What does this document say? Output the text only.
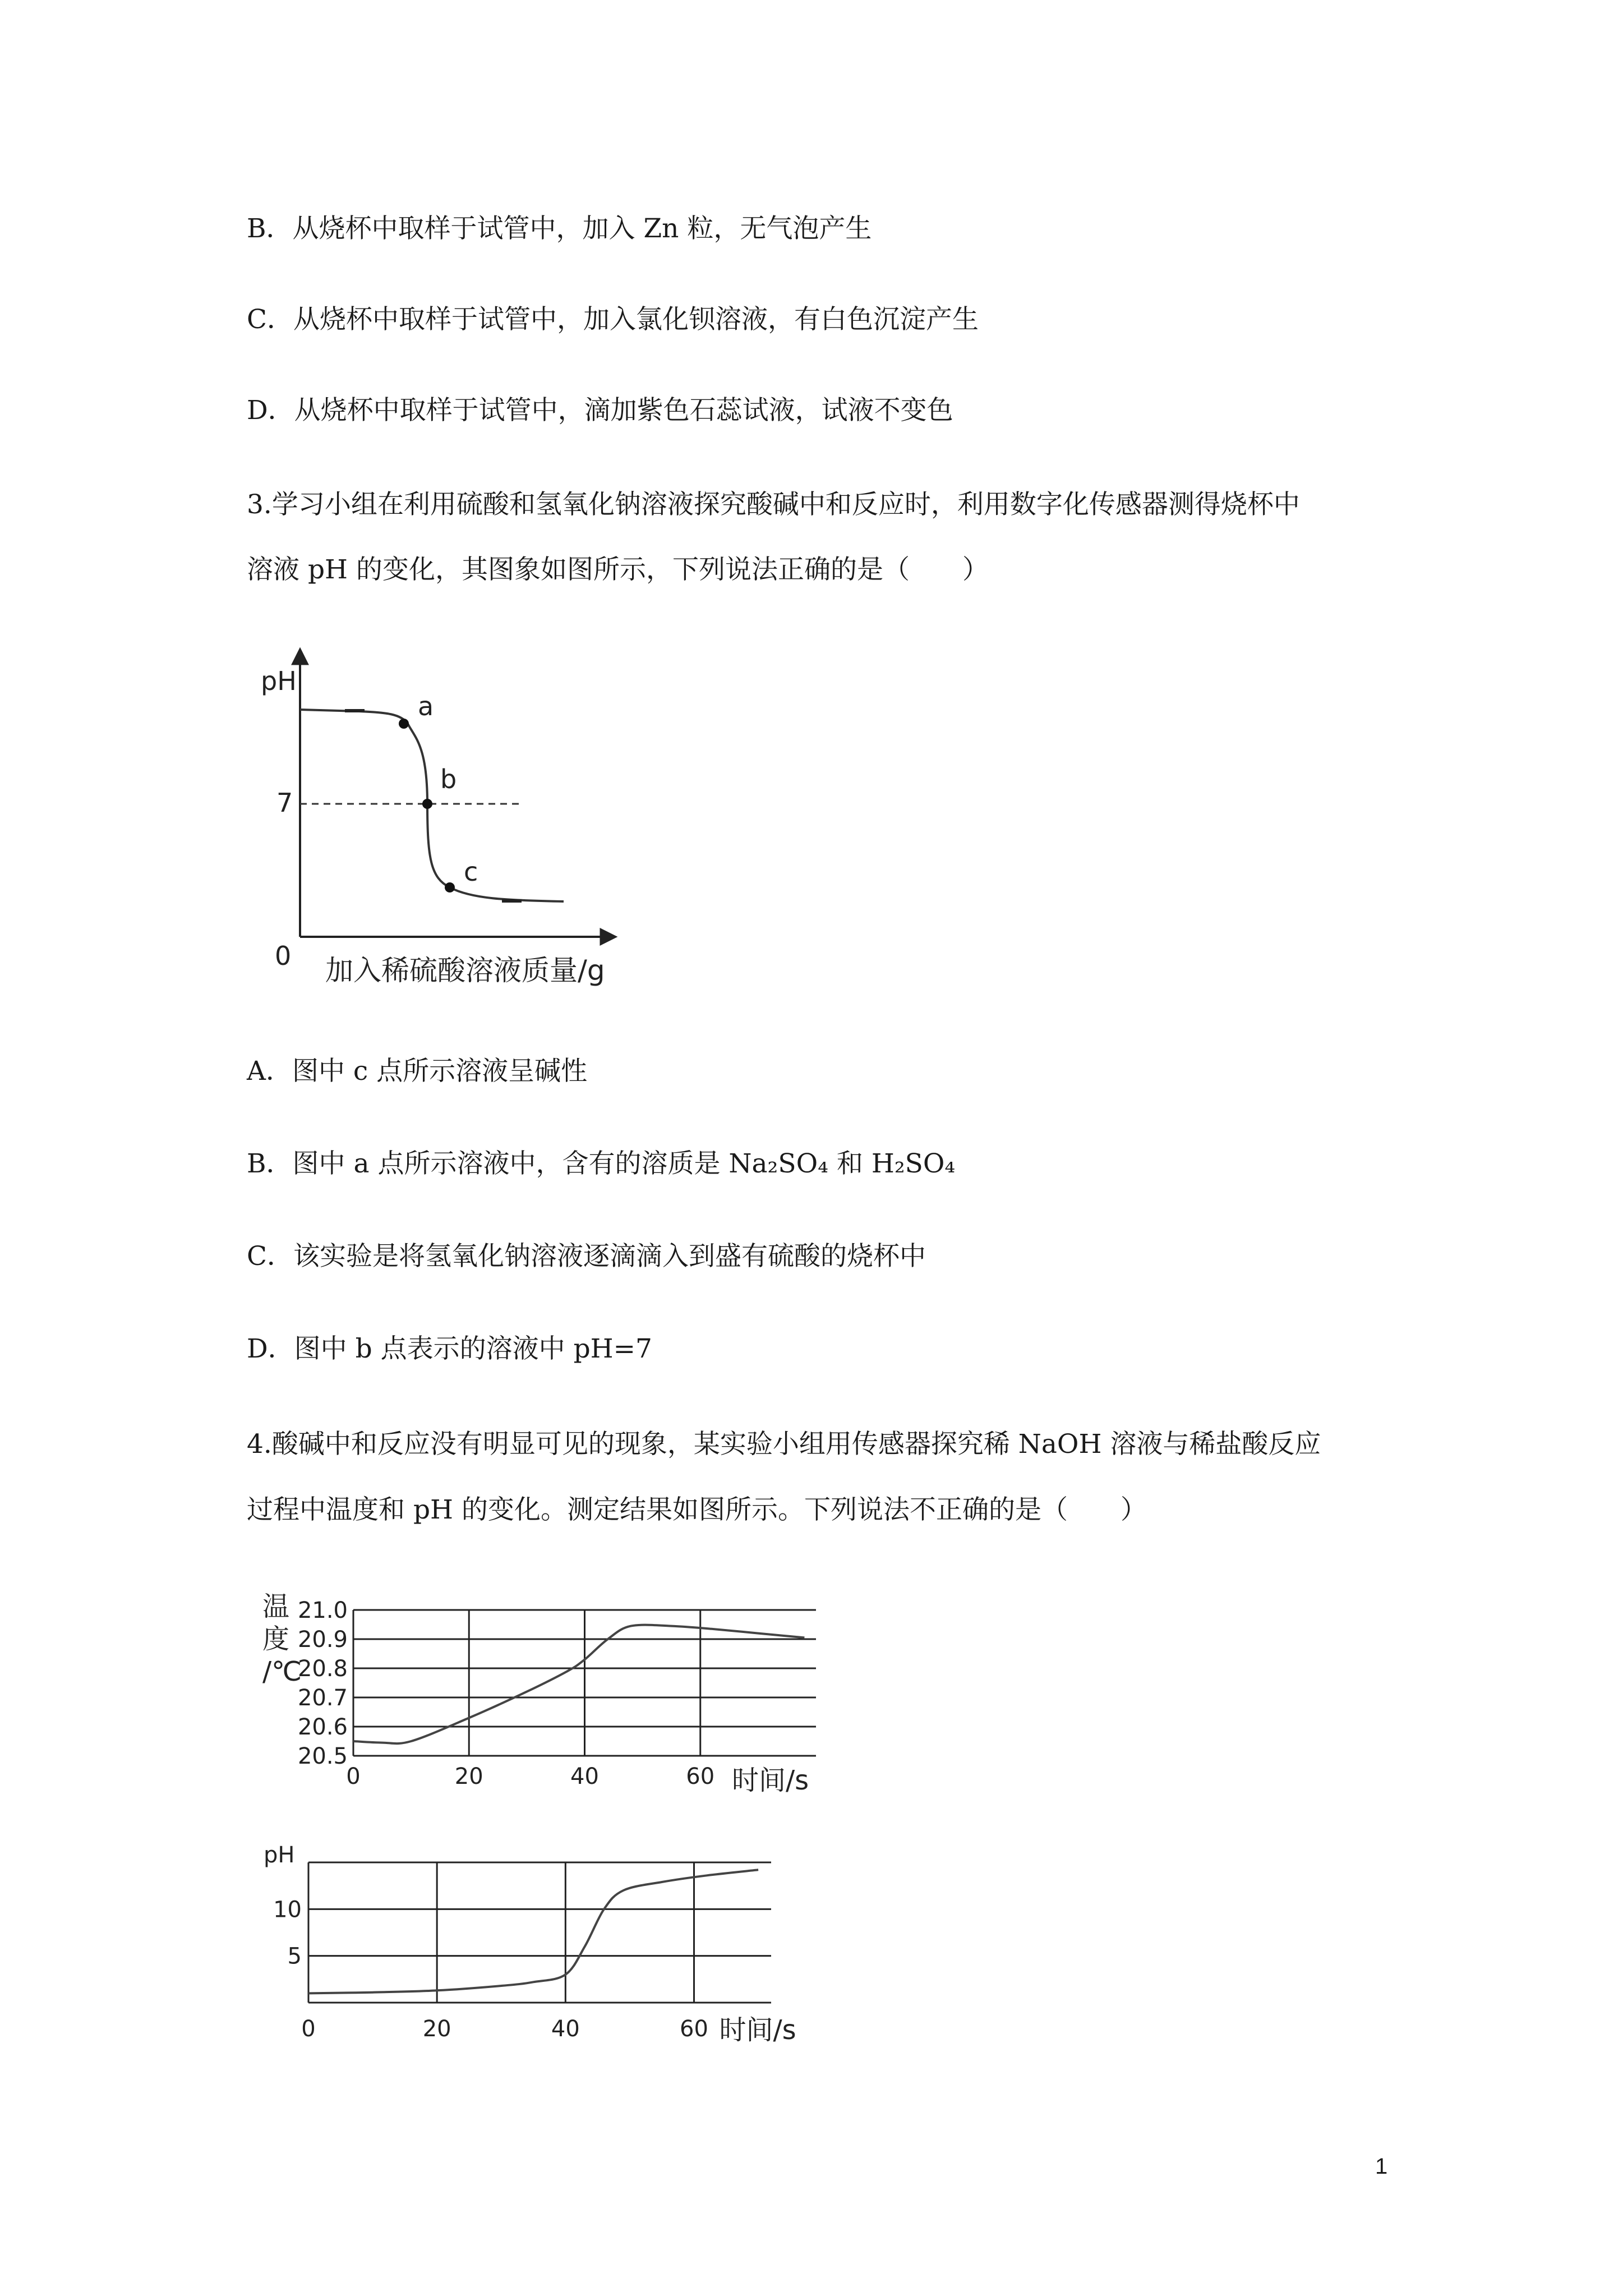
B．从烧杯中取样于试管中，加入 Zn 粒，无气泡产生
C．从烧杯中取样于试管中，加入氯化钡溶液，有白色沉淀产生
D．从烧杯中取样于试管中，滴加紫色石蕊试液，试液不变色
3.学习小组在利用硫酸和氢氧化钠溶液探究酸碱中和反应时，利用数字化传感器测得烧杯中
溶液 pH 的变化，其图象如图所示，下列说法正确的是（　　）
pH
7
0 加入稀硫酸溶液质量/g
a
b
c
A．图中 c 点所示溶液呈碱性
B．图中 a 点所示溶液中，含有的溶质是 Na₂SO₄ 和 H₂SO₄
C．该实验是将氢氧化钠溶液逐滴滴入到盛有硫酸的烧杯中
D．图中 b 点表示的溶液中 pH=7
4.酸碱中和反应没有明显可见的现象，某实验小组用传感器探究稀 NaOH 溶液与稀盐酸反应
过程中温度和 pH 的变化。测定结果如图所示。下列说法不正确的是（　　）
21.0
20.9
20.8
20.7
20.6
20.5
0	20	40	60
温
度
/℃
时间/s
10
5
0	20	40	60
pH
时间/s
1
